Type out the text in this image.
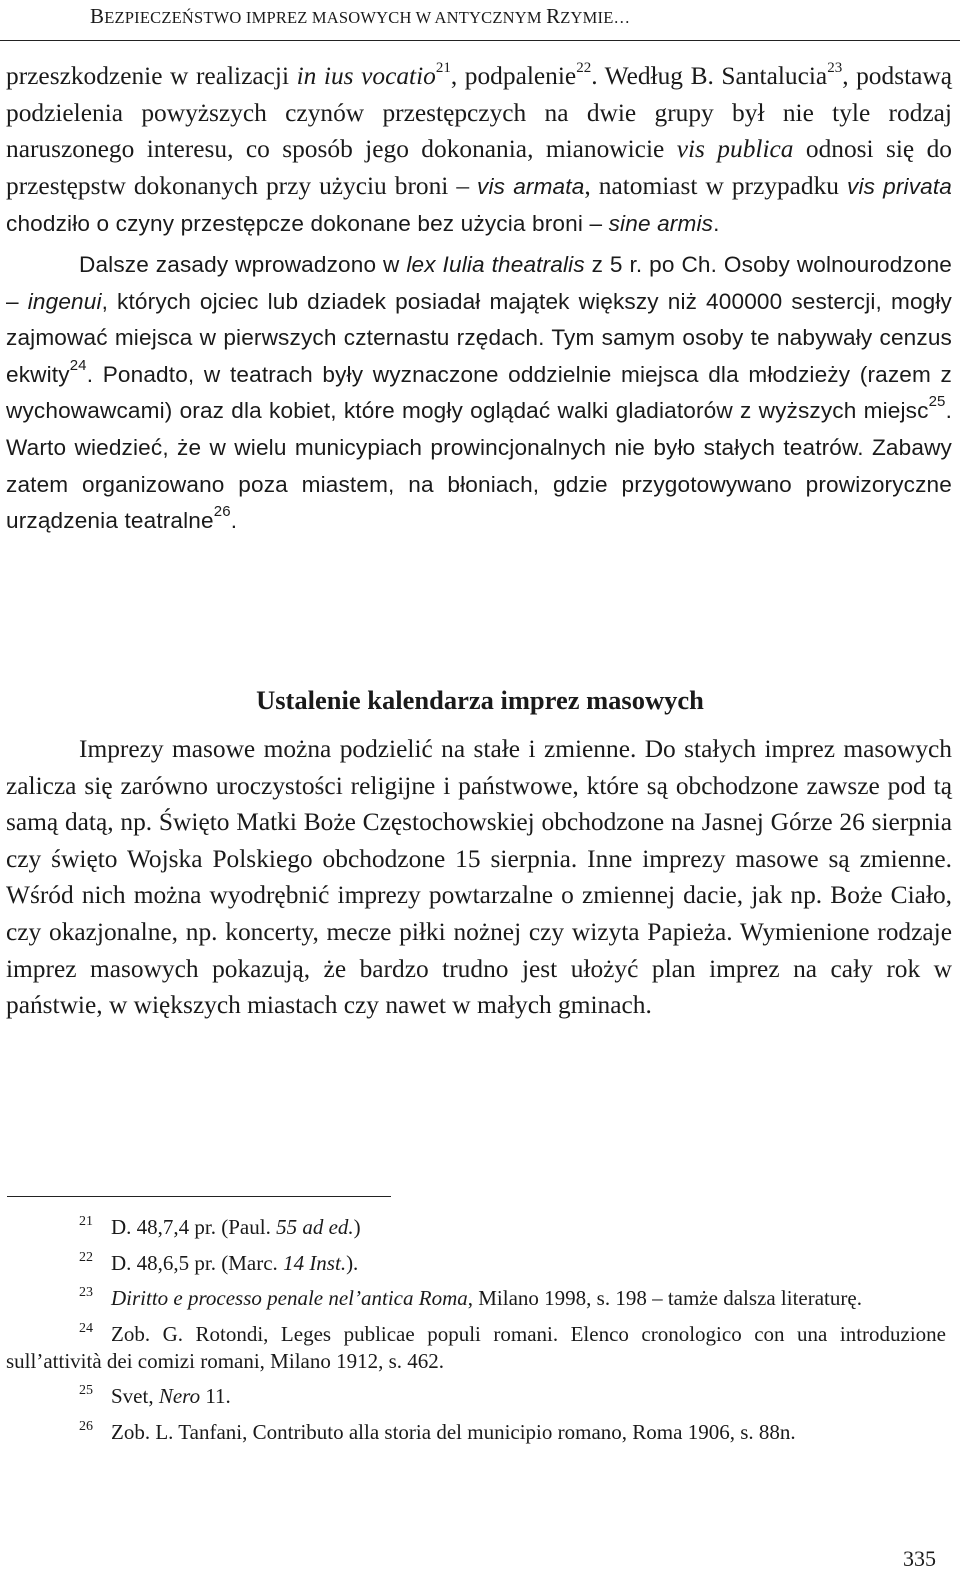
BEZPIECZEŃSTWO IMPREZ MASOWYCH W ANTYCZNYM RZYMIE…

przeszkodzenie w realizacji in ius vocatio$^{21}$, podpalenie$^{22}$. Według B. Santalucia$^{23}$, podstawą podzielenia powyższych czynów przestępczych na dwie grupy był nie tyle rodzaj naruszonego interesu, co sposób jego dokonania, mianowicie vis publica odnosi się do przestępstw dokonanych przy użyciu broni – vis armata, natomiast w przypadku vis privata chodziło o czyny przestępcze dokonane bez użycia broni – sine armis.

Dalsze zasady wprowadzono w lex Iulia theatralis z 5 r. po Ch. Osoby wolnourodzone – ingenui, których ojciec lub dziadek posiadał majątek większy niż 400000 sestercji, mogły zajmować miejsca w pierwszych czternastu rzędach. Tym samym osoby te nabywały cenzus ekwity$^{24}$. Ponadto, w teatrach były wyznaczone oddzielnie miejsca dla młodzieży (razem z wychowawcami) oraz dla kobiet, które mogły oglądać walki gladiatorów z wyższych miejsc$^{25}$. Warto wiedzieć, że w wielu municypiach prowincjonalnych nie było stałych teatrów. Zabawy zatem organizowano poza miastem, na błoniach, gdzie przygotowywano prowizoryczne urządzenia teatralne$^{26}$.

Ustalenie kalendarza imprez masowych

Imprezy masowe można podzielić na stałe i zmienne. Do stałych imprez masowych zalicza się zarówno uroczystości religijne i państwowe, które są obchodzone zawsze pod tą samą datą, np. Święto Matki Boże Częstochowskiej obchodzone na Jasnej Górze 26 sierpnia czy święto Wojska Polskiego obchodzone 15 sierpnia. Inne imprezy masowe są zmienne. Wśród nich można wyodrębnić imprezy powtarzalne o zmiennej dacie, jak np. Boże Ciało, czy okazjonalne, np. koncerty, mecze piłki nożnej czy wizyta Papieża. Wymienione rodzaje imprez masowych pokazują, że bardzo trudno jest ułożyć plan imprez na cały rok w państwie, w większych miastach czy nawet w małych gminach.

$^{21}$ D. 48,7,4 pr. (Paul. 55 ad ed.)

$^{22}$ D. 48,6,5 pr. (Marc. 14 Inst.).

$^{23}$ Diritto e processo penale nel’antica Roma, Milano 1998, s. 198 – tamże dalsza literaturę.

$^{24}$ Zob. G. Rotondi, Leges publicae populi romani. Elenco cronologico con una introduzione sull’attività dei comizi romani, Milano 1912, s. 462.

$^{25}$ Svet, Nero 11.

$^{26}$ Zob. L. Tanfani, Contributo alla storia del municipio romano, Roma 1906, s. 88n.

335
